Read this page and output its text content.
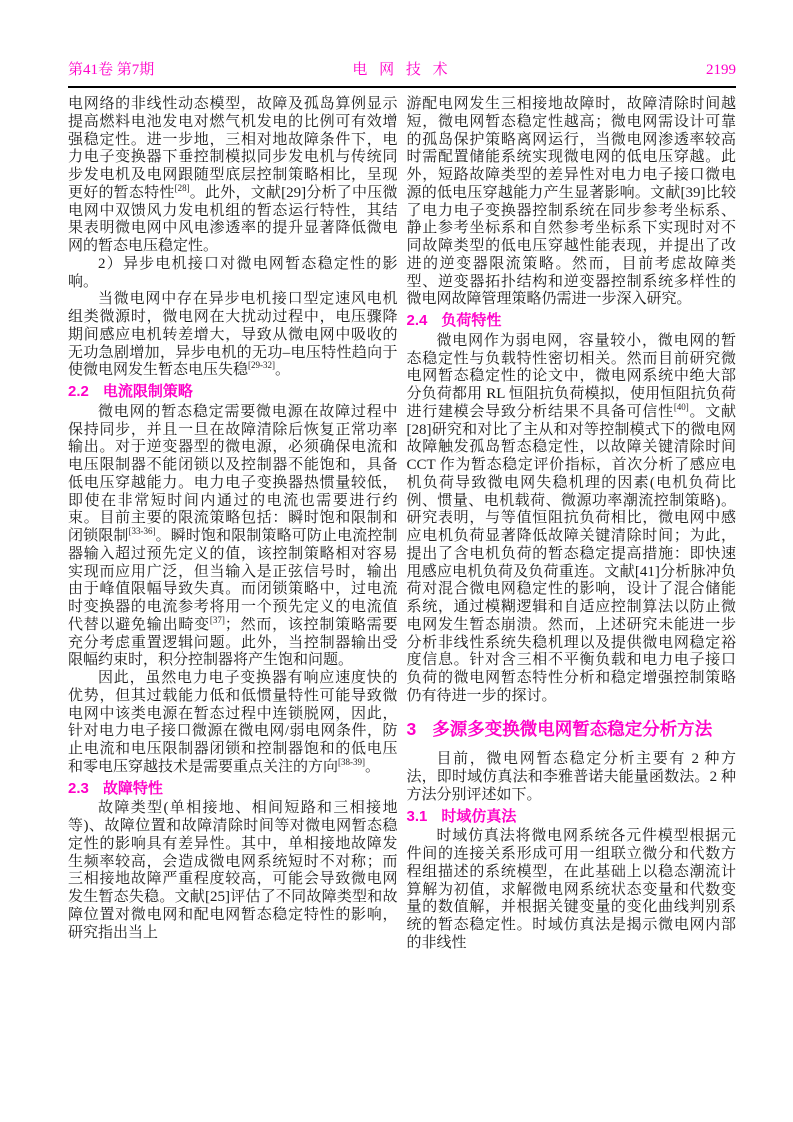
第41卷 第7期	电 网 技 术	2199

电网络的非线性动态模型，故障及孤岛算例显示提高燃料电池发电对燃气机发电的比例可有效增强稳定性。进一步地，三相对地故障条件下，电力电子变换器下垂控制模拟同步发电机与传统同步发电机及电网跟随型底层控制策略相比，呈现更好的暂态特性[28]。此外，文献[29]分析了中压微电网中双馈风力发电机组的暂态运行特性，其结果表明微电网中风电渗透率的提升显著降低微电网的暂态电压稳定性。

2）异步电机接口对微电网暂态稳定性的影响。

当微电网中存在异步电机接口型定速风电机组类微源时，微电网在大扰动过程中，电压骤降期间感应电机转差增大，导致从微电网中吸收的无功急剧增加，异步电机的无功–电压特性趋向于使微电网发生暂态电压失稳[29-32]。

2.2 电流限制策略

微电网的暂态稳定需要微电源在故障过程中保持同步，并且一旦在故障清除后恢复正常功率输出。对于逆变器型的微电源，必须确保电流和电压限制器不能闭锁以及控制器不能饱和，具备低电压穿越能力。电力电子变换器热惯量较低，即使在非常短时间内通过的电流也需要进行约束。目前主要的限流策略包括：瞬时饱和限制和闭锁限制[33-36]。瞬时饱和限制策略可防止电流控制器输入超过预先定义的值，该控制策略相对容易实现而应用广泛，但当输入是正弦信号时，输出由于峰值限幅导致失真。而闭锁策略中，过电流时变换器的电流参考将用一个预先定义的电流值代替以避免输出畸变[37]；然而，该控制策略需要充分考虑重置逻辑问题。此外，当控制器输出受限幅约束时，积分控制器将产生饱和问题。

因此，虽然电力电子变换器有响应速度快的优势，但其过载能力低和低惯量特性可能导致微电网中该类电源在暂态过程中连锁脱网，因此，针对电力电子接口微源在微电网/弱电网条件，防止电流和电压限制器闭锁和控制器饱和的低电压和零电压穿越技术是需要重点关注的方向[38-39]。

2.3 故障特性

故障类型(单相接地、相间短路和三相接地等)、故障位置和故障清除时间等对微电网暂态稳定性的影响具有差异性。其中，单相接地故障发生频率较高，会造成微电网系统短时不对称；而三相接地故障严重程度较高，可能会导致微电网发生暂态失稳。文献[25]评估了不同故障类型和故障位置对微电网和配电网暂态稳定特性的影响，研究指出当上

游配电网发生三相接地故障时，故障清除时间越短，微电网暂态稳定性越高；微电网需设计可靠的孤岛保护策略离网运行，当微电网渗透率较高时需配置储能系统实现微电网的低电压穿越。此外，短路故障类型的差异性对电力电子接口微电源的低电压穿越能力产生显著影响。文献[39]比较了电力电子变换器控制系统在同步参考坐标系、静止参考坐标系和自然参考坐标系下实现时对不同故障类型的低电压穿越性能表现，并提出了改进的逆变器限流策略。然而，目前考虑故障类型、逆变器拓扑结构和逆变器控制系统多样性的微电网故障管理策略仍需进一步深入研究。

2.4 负荷特性

微电网作为弱电网，容量较小，微电网的暂态稳定性与负载特性密切相关。然而目前研究微电网暂态稳定性的论文中，微电网系统中绝大部分负荷都用 RL 恒阻抗负荷模拟，使用恒阻抗负荷进行建模会导致分析结果不具备可信性[40]。文献[28]研究和对比了主从和对等控制模式下的微电网故障触发孤岛暂态稳定性，以故障关键清除时间 CCT 作为暂态稳定评价指标，首次分析了感应电机负荷导致微电网失稳机理的因素(电机负荷比例、惯量、电机载荷、微源功率潮流控制策略)。研究表明，与等值恒阻抗负荷相比，微电网中感应电机负荷显著降低故障关键清除时间；为此，提出了含电机负荷的暂态稳定提高措施：即快速甩感应电机负荷及负荷重连。文献[41]分析脉冲负荷对混合微电网稳定性的影响，设计了混合储能系统，通过模糊逻辑和自适应控制算法以防止微电网发生暂态崩溃。然而，上述研究未能进一步分析非线性系统失稳机理以及提供微电网稳定裕度信息。针对含三相不平衡负载和电力电子接口负荷的微电网暂态特性分析和稳定增强控制策略仍有待进一步的探讨。

3 多源多变换微电网暂态稳定分析方法

目前，微电网暂态稳定分析主要有 2 种方法，即时域仿真法和李雅普诺夫能量函数法。2 种方法分别评述如下。

3.1 时域仿真法

时域仿真法将微电网系统各元件模型根据元件间的连接关系形成可用一组联立微分和代数方程组描述的系统模型，在此基础上以稳态潮流计算解为初值，求解微电网系统状态变量和代数变量的数值解，并根据关键变量的变化曲线判别系统的暂态稳定性。时域仿真法是揭示微电网内部的非线性
